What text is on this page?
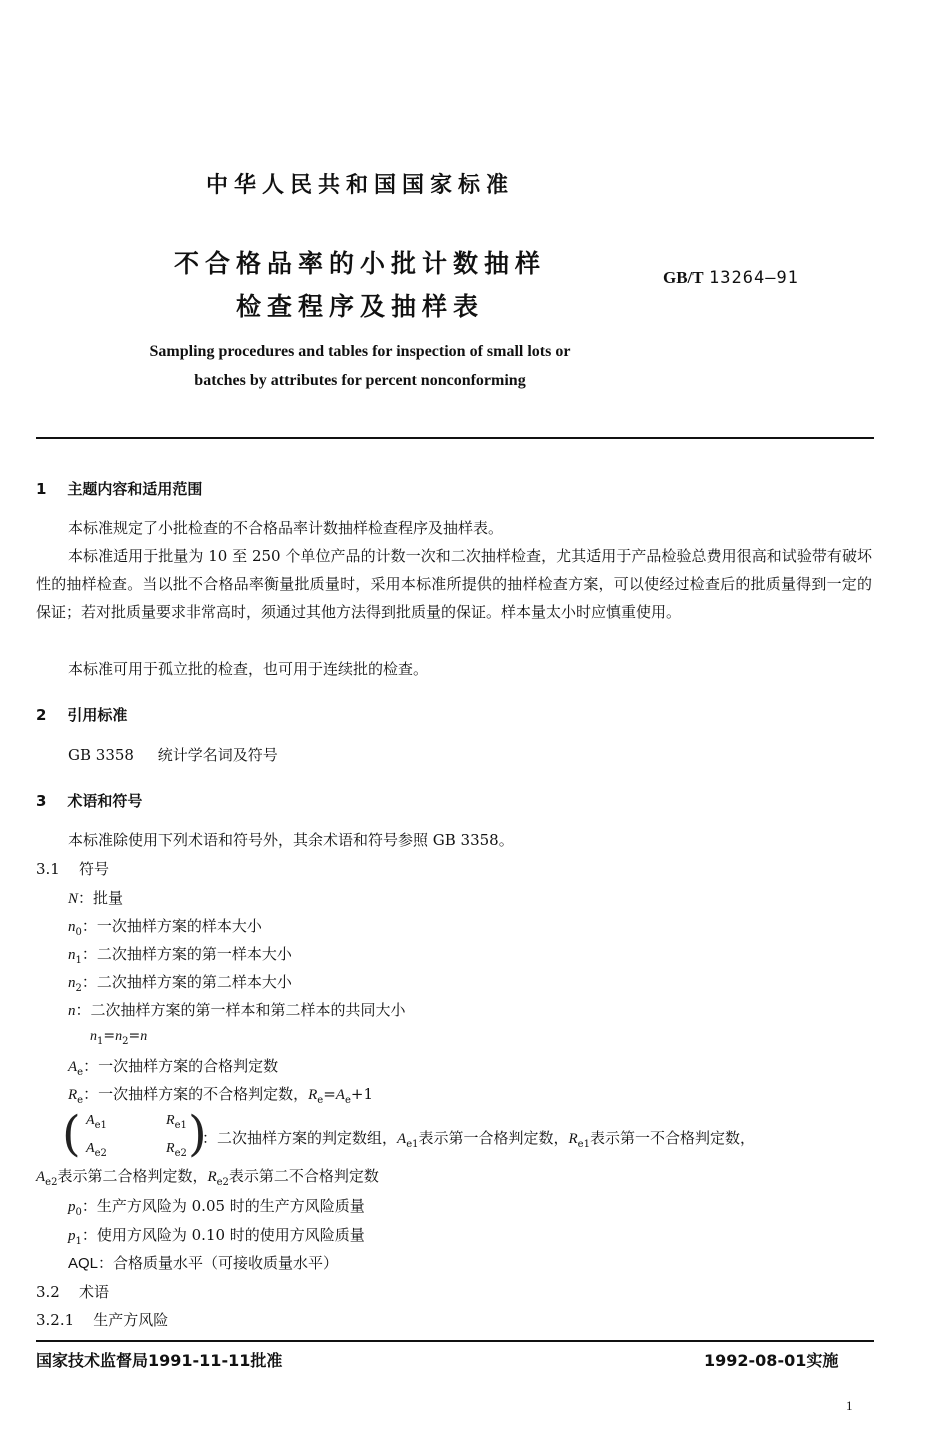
中华人民共和国国家标准
不合格品率的小批计数抽样
检查程序及抽样表
GB/T 13264—91
Sampling procedures and tables for inspection of small lots or
batches by attributes for percent nonconforming
1 主题内容和适用范围
本标准规定了小批检查的不合格品率计数抽样检查程序及抽样表。
本标准适用于批量为 10 至 250 个单位产品的计数一次和二次抽样检查，尤其适用于产品检验总费用很高和试验带有破坏性的抽样检查。当以批不合格品率衡量批质量时，采用本标准所提供的抽样检查方案，可以使经过检查后的批质量得到一定的保证；若对批质量要求非常高时，须通过其他方法得到批质量的保证。样本量太小时应慎重使用。
本标准可用于孤立批的检查，也可用于连续批的检查。
2 引用标准
GB 3358 统计学名词及符号
3 术语和符号
本标准除使用下列术语和符号外，其余术语和符号参照 GB 3358。
3.1 符号
N：批量
$n_0$：一次抽样方案的样本大小
$n_1$：二次抽样方案的第一样本大小
$n_2$：二次抽样方案的第二样本大小
n：二次抽样方案的第一样本和第二样本的共同大小
$n_1=n_2=n$
$A_e$：一次抽样方案的合格判定数
$R_e$：一次抽样方案的不合格判定数，$R_e=A_e+1$
( $A_{e1}$	$R_{e1}$
$A_{e2}$	$R_{e2}$ )
：二次抽样方案的判定数组，$A_{e1}$表示第一合格判定数，$R_{e1}$表示第一不合格判定数，
$A_{e2}$表示第二合格判定数，$R_{e2}$表示第二不合格判定数
$p_0$：生产方风险为 0.05 时的生产方风险质量
$p_1$：使用方风险为 0.10 时的使用方风险质量
AQL：合格质量水平（可接收质量水平）
3.2 术语
3.2.1 生产方风险
国家技术监督局1991-11-11批准	1992-08-01实施
1
